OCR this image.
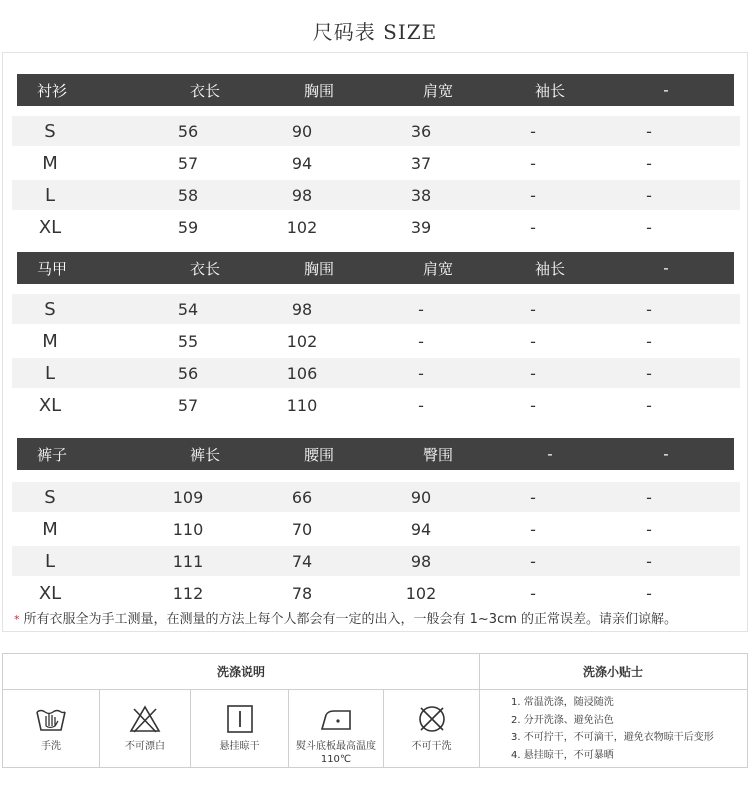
尺码表 SIZE
衬衫	衣长	胸围	肩宽	袖长	-
S	56	90	36	-	-
M	57	94	37	-	-
L	58	98	38	-	-
XL	59	102	39	-	-
马甲	衣长	胸围	肩宽	袖长	-
S	54	98	-	-	-
M	55	102	-	-	-
L	56	106	-	-	-
XL	57	110	-	-	-
裤子	裤长	腰围	臀围	-	-
S	109	66	90	-	-
M	110	70	94	-	-
L	111	74	98	-	-
XL	112	78	102	-	-
* 所有衣服全为手工测量，在测量的方法上每个人都会有一定的出入，一般会有 1~3cm 的正常误差。请亲们谅解。
洗涤说明	洗涤小贴士
手洗	不可漂白	悬挂晾干	熨斗底板最高温度110℃
不可干洗
1. 常温洗涤，随浸随洗
2. 分开洗涤、避免沾色
3. 不可拧干，不可滴干，避免衣物晾干后变形
4. 悬挂晾干，不可暴晒
